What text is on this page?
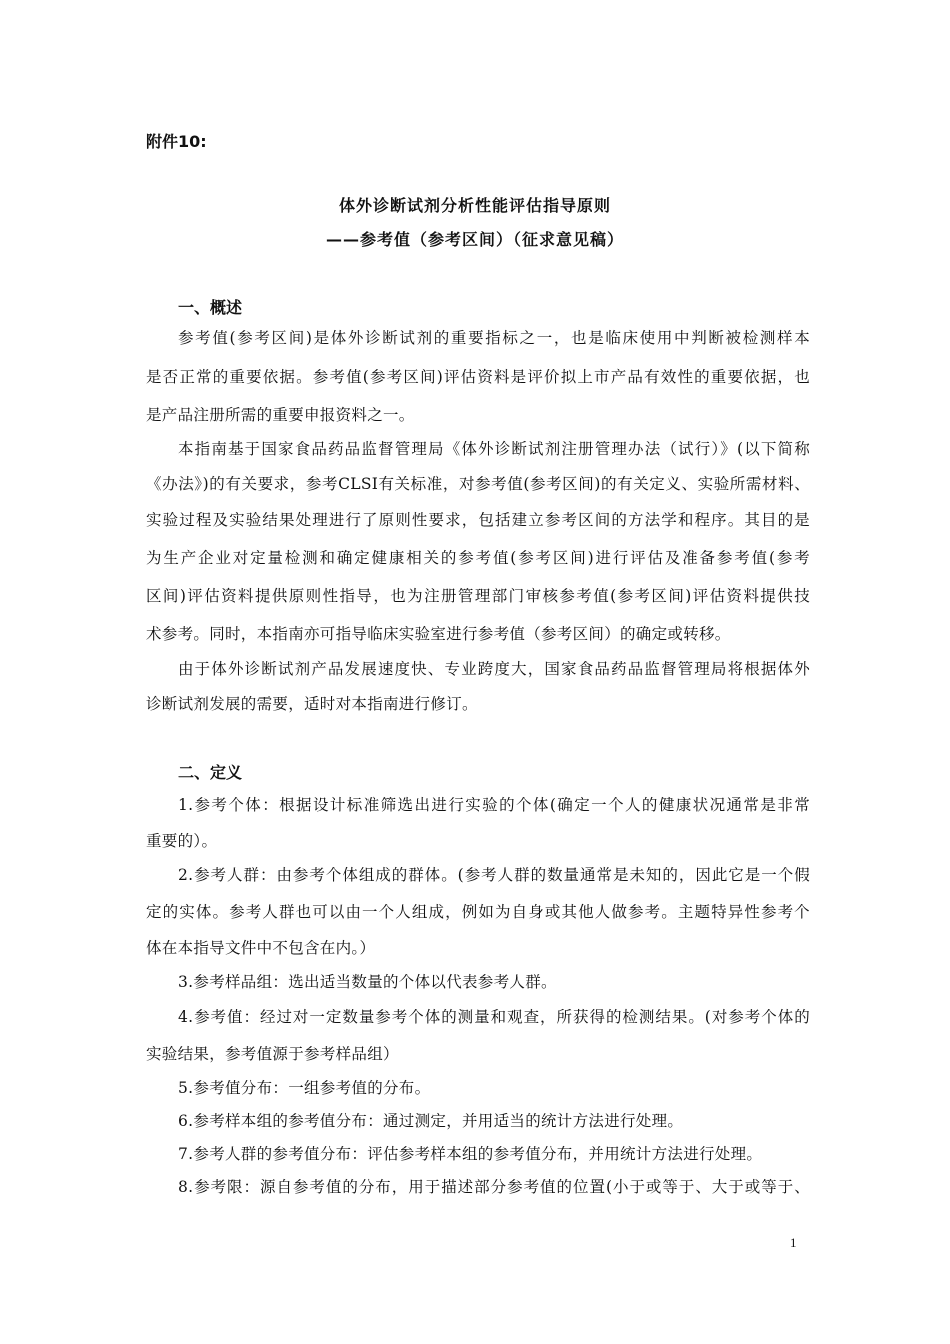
附件10:
体外诊断试剂分析性能评估指导原则
——参考值（参考区间）（征求意见稿）
一、概述
参考值(参考区间)是体外诊断试剂的重要指标之一，也是临床使用中判断被检测样本
是否正常的重要依据。参考值(参考区间)评估资料是评价拟上市产品有效性的重要依据，也
是产品注册所需的重要申报资料之一。
本指南基于国家食品药品监督管理局《体外诊断试剂注册管理办法（试行）》(以下简称
《办法》)的有关要求，参考CLSI有关标准，对参考值(参考区间)的有关定义、实验所需材料、
实验过程及实验结果处理进行了原则性要求，包括建立参考区间的方法学和程序。其目的是
为生产企业对定量检测和确定健康相关的参考值(参考区间)进行评估及准备参考值(参考
区间)评估资料提供原则性指导，也为注册管理部门审核参考值(参考区间)评估资料提供技
术参考。同时，本指南亦可指导临床实验室进行参考值（参考区间）的确定或转移。
由于体外诊断试剂产品发展速度快、专业跨度大，国家食品药品监督管理局将根据体外
诊断试剂发展的需要，适时对本指南进行修订。
二、定义
1.参考个体：根据设计标准筛选出进行实验的个体(确定一个人的健康状况通常是非常
重要的）。
2.参考人群：由参考个体组成的群体。(参考人群的数量通常是未知的，因此它是一个假
定的实体。参考人群也可以由一个人组成，例如为自身或其他人做参考。主题特异性参考个
体在本指导文件中不包含在内。）
3.参考样品组：选出适当数量的个体以代表参考人群。
4.参考值：经过对一定数量参考个体的测量和观查，所获得的检测结果。(对参考个体的
实验结果，参考值源于参考样品组）
5.参考值分布：一组参考值的分布。
6.参考样本组的参考值分布：通过测定，并用适当的统计方法进行处理。
7.参考人群的参考值分布：评估参考样本组的参考值分布，并用统计方法进行处理。
8.参考限：源自参考值的分布，用于描述部分参考值的位置(小于或等于、大于或等于、
1
